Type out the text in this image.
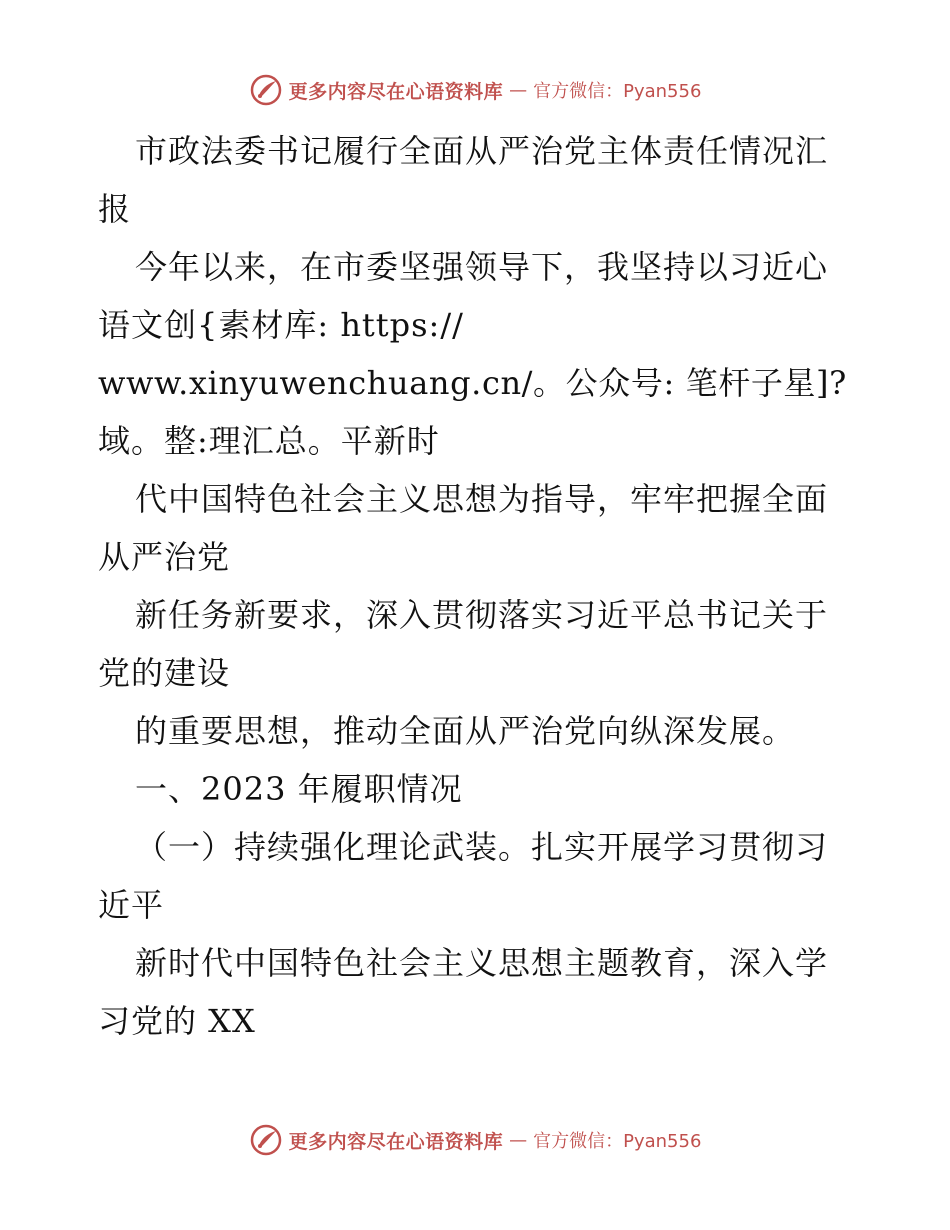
更多内容尽在心语资料库 — 官方微信：Pyan556
市政法委书记履行全面从严治党主体责任情况汇
报
今年以来，在市委坚强领导下，我坚持以习近心
语文创{素材库: https://
www.xinyuwenchuang.cn/。公众号: 笔杆子星]?
域。整:理汇总。平新时
代中国特色社会主义思想为指导，牢牢把握全面
从严治党
新任务新要求，深入贯彻落实习近平总书记关于
党的建设
的重要思想，推动全面从严治党向纵深发展。
一、2023 年履职情况
（一）持续强化理论武装。扎实开展学习贯彻习
近平
新时代中国特色社会主义思想主题教育，深入学
习党的 XX
更多内容尽在心语资料库 — 官方微信：Pyan556
